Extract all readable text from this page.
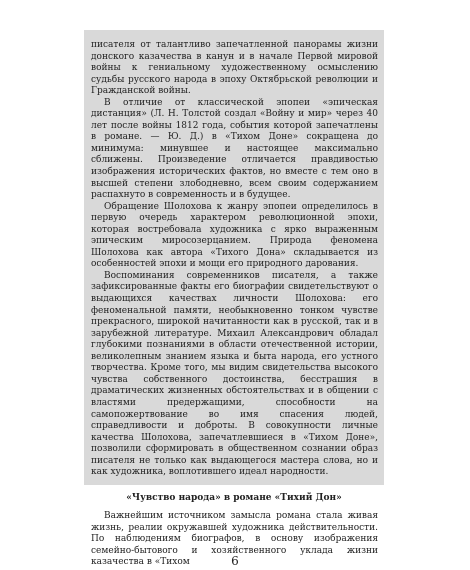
писателя от талантливо запечатленной панорамы жизни донского казачества в канун и в начале Первой мировой войны к гениальному художественному осмыслению судьбы русского народа в эпоху Октябрьской революции и Гражданской войны.

В отличие от классической эпопеи «эпическая дистанция» (Л. Н. Толстой создал «Войну и мир» через 40 лет после войны 1812 года, события которой запечатлены в романе. — Ю. Д.) в «Тихом Доне» сокращена до минимума: минувшее и настоящее максимально сближены. Произведение отличается правдивостью изображения исторических фактов, но вместе с тем оно в высшей степени злободневно, всем своим содержанием распахнуто в современность и в будущее.

Обращение Шолохова к жанру эпопеи определилось в первую очередь характером революционной эпохи, которая востребовала художника с ярко выраженным эпическим миросозерцанием. Природа феномена Шолохова как автора «Тихого Дона» складывается из особенностей эпохи и мощи его природного дарования.

Воспоминания современников писателя, а также зафиксированные факты его биографии свидетельствуют о выдающихся качествах личности Шолохова: его феноменальной памяти, необыкновенно тонком чувстве прекрасного, широкой начитанности как в русской, так и в зарубежной литературе. Михаил Александрович обладал глубокими познаниями в области отечественной истории, великолепным знанием языка и быта народа, его устного творчества. Кроме того, мы видим свидетельства высокого чувства собственного достоинства, бесстрашия в драматических жизненных обстоятельствах и в общении с властями предержащими, способности на самопожертвование во имя спасения людей, справедливости и доброты. В совокупности личные качества Шолохова, запечатлевшиеся в «Тихом Доне», позволили сформировать в общественном сознании образ писателя не только как выдающегося мастера слова, но и как художника, воплотившего идеал народности.

«Чувство народа» в романе «Тихий Дон»
6

Важнейшим источником замысла романа стала живая жизнь, реалии окружавшей художника действительности. По наблюдениям биографов, в основу изображения семейно-бытового и хозяйственного уклада жизни казачества в «Тихом
